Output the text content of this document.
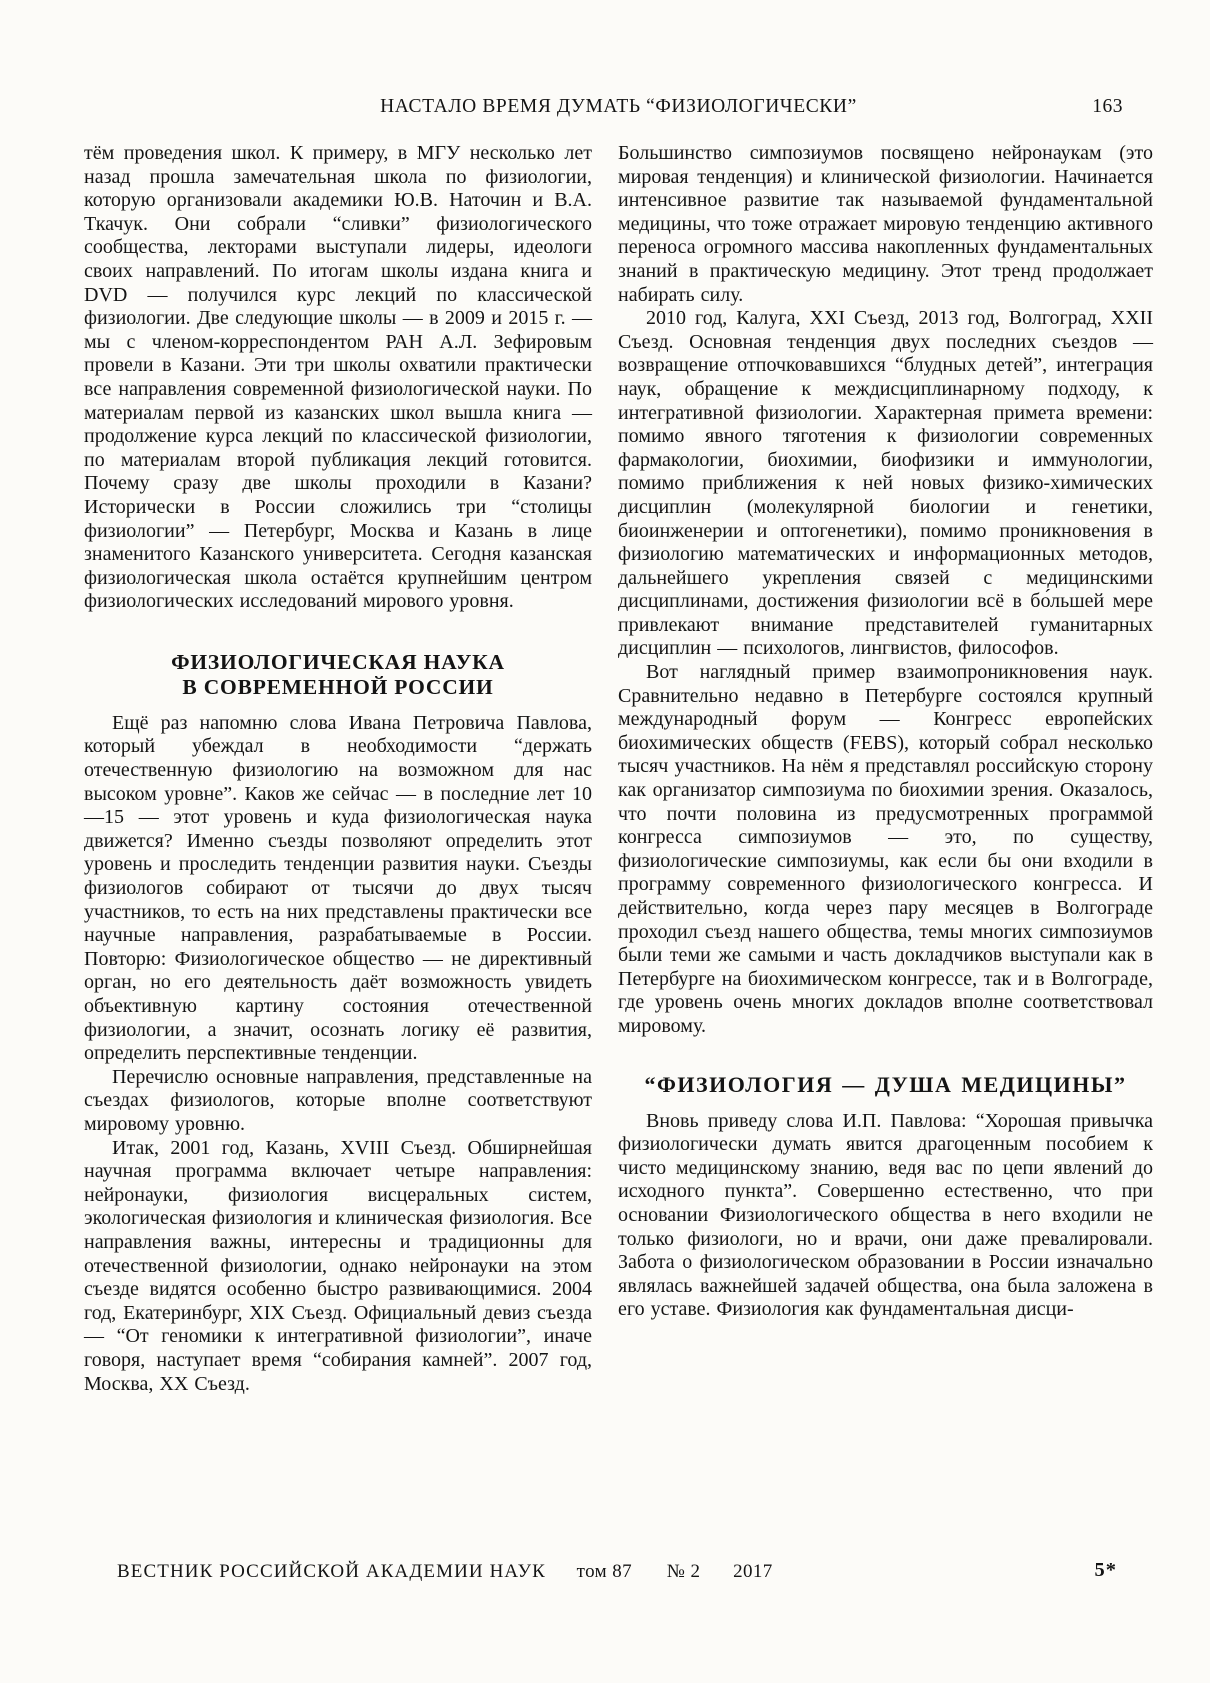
НАСТАЛО ВРЕМЯ ДУМАТЬ “ФИЗИОЛОГИЧЕСКИ”	163

тём проведения школ. К примеру, в МГУ несколько лет назад прошла замечательная школа по физиологии, которую организовали академики Ю.В. Наточин и В.А. Ткачук. Они собрали “сливки” физиологического сообщества, лекторами выступали лидеры, идеологи своих направлений. По итогам школы издана книга и DVD — получился курс лекций по классической физиологии. Две следующие школы — в 2009 и 2015 г. — мы с членом-корреспондентом РАН А.Л. Зефировым провели в Казани. Эти три школы охватили практически все направления современной физиологической науки. По материалам первой из казанских школ вышла книга — продолжение курса лекций по классической физиологии, по материалам второй публикация лекций готовится. Почему сразу две школы проходили в Казани? Исторически в России сложились три “столицы физиологии” — Петербург, Москва и Казань в лице знаменитого Казанского университета. Сегодня казанская физиологическая школа остаётся крупнейшим центром физиологических исследований мирового уровня.

ФИЗИОЛОГИЧЕСКАЯ НАУКА
В СОВРЕМЕННОЙ РОССИИ

Ещё раз напомню слова Ивана Петровича Павлова, который убеждал в необходимости “держать отечественную физиологию на возможном для нас высоком уровне”. Каков же сейчас — в последние лет 10—15 — этот уровень и куда физиологическая наука движется? Именно съезды позволяют определить этот уровень и проследить тенденции развития науки. Съезды физиологов собирают от тысячи до двух тысяч участников, то есть на них представлены практически все научные направления, разрабатываемые в России. Повторю: Физиологическое общество — не директивный орган, но его деятельность даёт возможность увидеть объективную картину состояния отечественной физиологии, а значит, осознать логику её развития, определить перспективные тенденции.

Перечислю основные направления, представленные на съездах физиологов, которые вполне соответствуют мировому уровню.

Итак, 2001 год, Казань, XVIII Съезд. Обширнейшая научная программа включает четыре направления: нейронауки, физиология висцеральных систем, экологическая физиология и клиническая физиология. Все направления важны, интересны и традиционны для отечественной физиологии, однако нейронауки на этом съезде видятся особенно быстро развивающимися. 2004 год, Екатеринбург, XIX Съезд. Официальный девиз съезда — “От геномики к интегративной физиологии”, иначе говоря, наступает время “собирания камней”. 2007 год, Москва, XX Съезд.

Большинство симпозиумов посвящено нейронаукам (это мировая тенденция) и клинической физиологии. Начинается интенсивное развитие так называемой фундаментальной медицины, что тоже отражает мировую тенденцию активного переноса огромного массива накопленных фундаментальных знаний в практическую медицину. Этот тренд продолжает набирать силу.

2010 год, Калуга, XXI Съезд, 2013 год, Волгоград, XXII Съезд. Основная тенденция двух последних съездов — возвращение отпочковавшихся “блудных детей”, интеграция наук, обращение к междисциплинарному подходу, к интегративной физиологии. Характерная примета времени: помимо явного тяготения к физиологии современных фармакологии, биохимии, биофизики и иммунологии, помимо приближения к ней новых физико-химических дисциплин (молекулярной биологии и генетики, биоинженерии и оптогенетики), помимо проникновения в физиологию математических и информационных методов, дальнейшего укрепления связей с медицинскими дисциплинами, достижения физиологии всё в бо́льшей мере привлекают внимание представителей гуманитарных дисциплин — психологов, лингвистов, философов.

Вот наглядный пример взаимопроникновения наук. Сравнительно недавно в Петербурге состоялся крупный международный форум — Конгресс европейских биохимических обществ (FEBS), который собрал несколько тысяч участников. На нём я представлял российскую сторону как организатор симпозиума по биохимии зрения. Оказалось, что почти половина из предусмотренных программой конгресса симпозиумов — это, по существу, физиологические симпозиумы, как если бы они входили в программу современного физиологического конгресса. И действительно, когда через пару месяцев в Волгограде проходил съезд нашего общества, темы многих симпозиумов были теми же самыми и часть докладчиков выступали как в Петербурге на биохимическом конгрессе, так и в Волгограде, где уровень очень многих докладов вполне соответствовал мировому.

“ФИЗИОЛОГИЯ — ДУША МЕДИЦИНЫ”

Вновь приведу слова И.П. Павлова: “Хорошая привычка физиологически думать явится драгоценным пособием к чисто медицинскому знанию, ведя вас по цепи явлений до исходного пункта”. Совершенно естественно, что при основании Физиологического общества в него входили не только физиологи, но и врачи, они даже превалировали. Забота о физиологическом образовании в России изначально являлась важнейшей задачей общества, она была заложена в его уставе. Физиология как фундаментальная дисци-

ВЕСТНИК РОССИЙСКОЙ АКАДЕМИИ НАУК том 87 № 2 2017	5*
